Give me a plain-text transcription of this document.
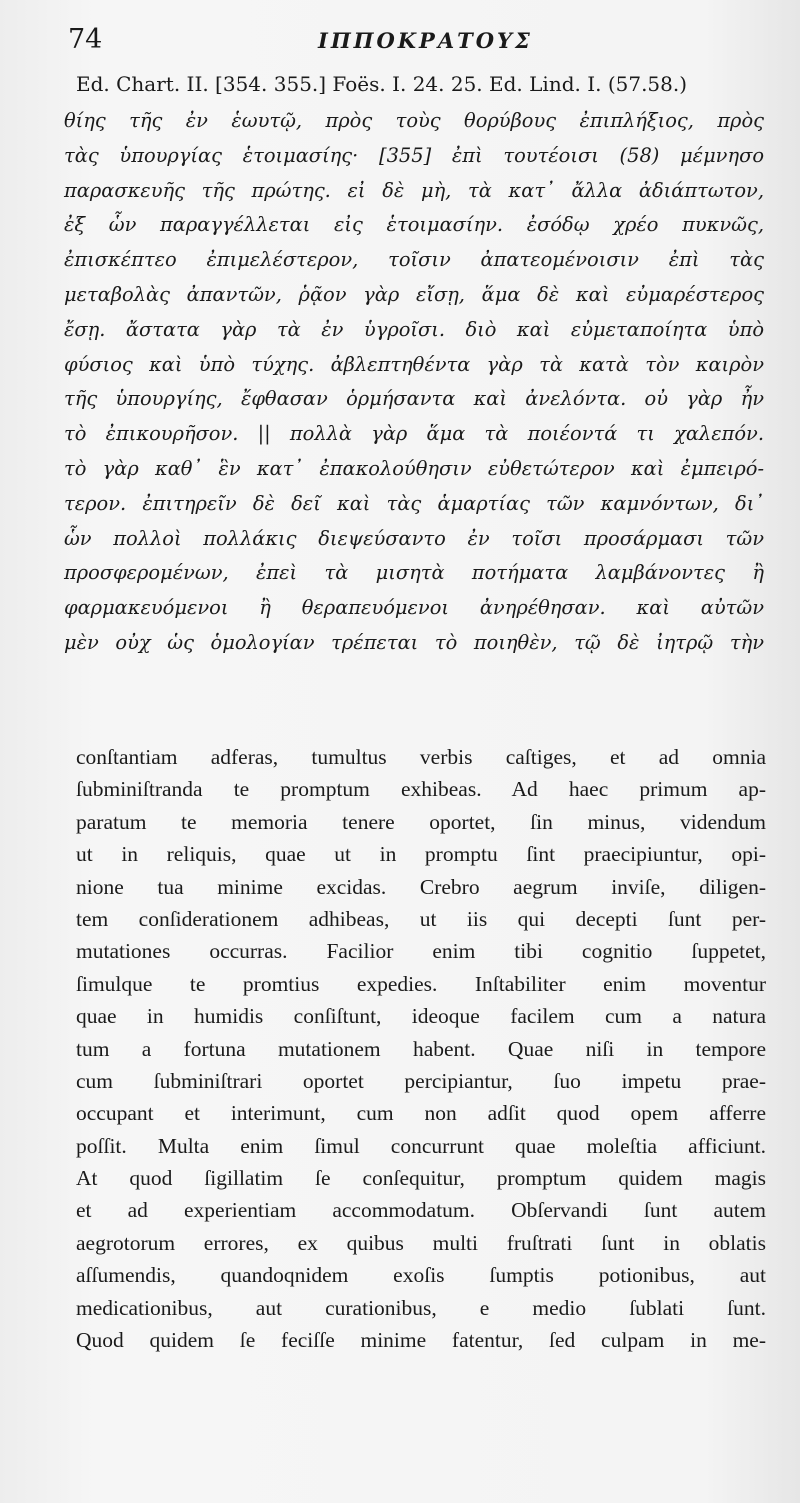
74	ΙΠΠΟΚΡΑΤΟΥΣ
Ed. Chart. II. [354. 355.] Foës. I. 24. 25. Ed. Lind. I. (57.58.)
θίης τῆς ἐν ἑωυτῷ, πρὸς τοὺς θορύβους ἐπιπλήξιος, πρὸς
τὰς ὑπουργίας ἑτοιμασίης· [355] ἐπὶ τουτέοισι (58) μέμνησο
παρασκευῆς τῆς πρώτης. εἰ δὲ μὴ, τὰ κατ᾽ ἄλλα ἀδιάπτωτον,
ἐξ ὧν παραγγέλλεται εἰς ἑτοιμασίην. ἐσόδῳ χρέο πυκνῶς,
ἐπισκέπτεο ἐπιμελέστερον, τοῖσιν ἀπατεομένοισιν ἐπὶ τὰς
μεταβολὰς ἀπαντῶν, ῥᾷον γὰρ εἴσῃ, ἅμα δὲ καὶ εὐμαρέστερος
ἔσῃ. ἄστατα γὰρ τὰ ἐν ὑγροῖσι. διὸ καὶ εὐμεταποίητα ὑπὸ
φύσιος καὶ ὑπὸ τύχης. ἀβλεπτηθέντα γὰρ τὰ κατὰ τὸν καιρὸν
τῆς ὑπουργίης, ἔφθασαν ὁρμήσαντα καὶ ἀνελόντα. οὐ γὰρ ἦν
τὸ ἐπικουρῆσον. || πολλὰ γὰρ ἅμα τὰ ποιέοντά τι χαλεπόν.
τὸ γὰρ καθ᾽ ἓν κατ᾽ ἐπακολούθησιν εὐθετώτερον καὶ ἐμπειρό-
τερον. ἐπιτηρεῖν δὲ δεῖ καὶ τὰς ἁμαρτίας τῶν καμνόντων, δι᾽
ὧν πολλοὶ πολλάκις διεψεύσαντο ἐν τοῖσι προσάρμασι τῶν
προσφερομένων, ἐπεὶ τὰ μισητὰ ποτήματα λαμβάνοντες ἢ
φαρμακευόμενοι ἢ θεραπευόμενοι ἀνηρέθησαν. καὶ αὐτῶν
μὲν οὐχ ὡς ὁμολογίαν τρέπεται τὸ ποιηθὲν, τῷ δὲ ἰητρῷ τὴν
conſtantiam adferas, tumultus verbis caſtiges, et ad omnia
ſubminiſtranda te promptum exhibeas. Ad haec primum ap-
paratum te memoria tenere oportet, ſin minus, videndum
ut in reliquis, quae ut in promptu ſint praecipiuntur, opi-
nione tua minime excidas. Crebro aegrum inviſe, diligen-
tem conſiderationem adhibeas, ut iis qui decepti ſunt per-
mutationes occurras. Facilior enim tibi cognitio ſuppetet,
ſimulque te promtius expedies. Inſtabiliter enim moventur
quae in humidis conſiſtunt, ideoque facilem cum a natura
tum a fortuna mutationem habent. Quae niſi in tempore
cum ſubminiſtrari oportet percipiantur, ſuo impetu prae-
occupant et interimunt, cum non adſit quod opem afferre
poſſit. Multa enim ſimul concurrunt quae moleſtia afficiunt.
At quod ſigillatim ſe conſequitur, promptum quidem magis
et ad experientiam accommodatum. Obſervandi ſunt autem
aegrotorum errores, ex quibus multi fruſtrati ſunt in oblatis
aſſumendis, quandoqnidem exoſis ſumptis potionibus, aut
medicationibus, aut curationibus, e medio ſublati ſunt.
Quod quidem ſe feciſſe minime fatentur, ſed culpam in me-
